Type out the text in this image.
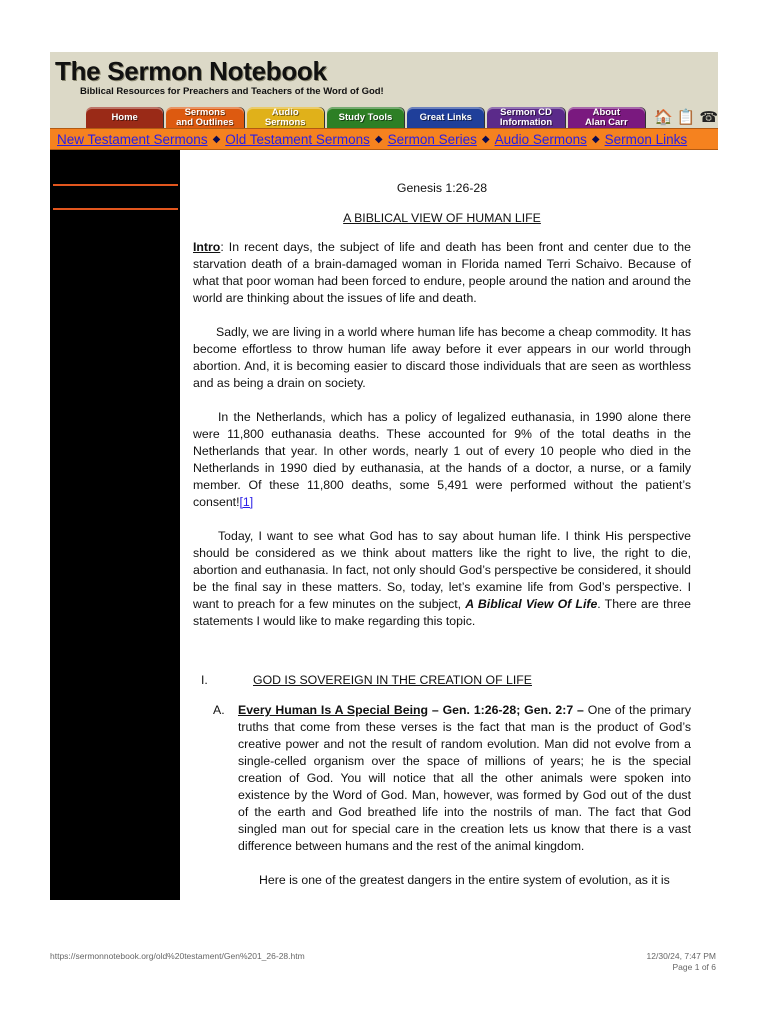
The Sermon Notebook
Biblical Resources for Preachers and Teachers of the Word of God!
Home	Sermons
and Outlines
Audio
Sermons	Study Tools	Great Links	Sermon CD
Information
About
Alan Carr	🏠 📋 ☎
New Testament Sermons ◆ Old Testament Sermons ◆ Sermon Series ◆ Audio Sermons ◆ Sermon Links

Genesis 1:26-28

A BIBLICAL VIEW OF HUMAN LIFE

Intro: In recent days, the subject of life and death has been front and center due to the starvation death of a brain-damaged woman in Florida named Terri Schaivo. Because of what that poor woman had been forced to endure, people around the nation and around the world are thinking about the issues of life and death.

Sadly, we are living in a world where human life has become a cheap commodity. It has become effortless to throw human life away before it ever appears in our world through abortion. And, it is becoming easier to discard those individuals that are seen as worthless and as being a drain on society.

In the Netherlands, which has a policy of legalized euthanasia, in 1990 alone there were 11,800 euthanasia deaths. These accounted for 9% of the total deaths in the Netherlands that year. In other words, nearly 1 out of every 10 people who died in the Netherlands in 1990 died by euthanasia, at the hands of a doctor, a nurse, or a family member. Of these 11,800 deaths, some 5,491 were performed without the patient’s consent![1]

Today, I want to see what God has to say about human life. I think His perspective should be considered as we think about matters like the right to live, the right to die, abortion and euthanasia. In fact, not only should God’s perspective be considered, it should be the final say in these matters. So, today, let’s examine life from God’s perspective. I want to preach for a few minutes on the subject, A Biblical View Of Life. There are three statements I would like to make regarding this topic.

I.	GOD IS SOVEREIGN IN THE CREATION OF LIFE

A. Every Human Is A Special Being – Gen. 1:26-28; Gen. 2:7 – One of the primary truths that come from these verses is the fact that man is the product of God’s creative power and not the result of random evolution. Man did not evolve from a single-celled organism over the space of millions of years; he is the special creation of God. You will notice that all the other animals were spoken into existence by the Word of God. Man, however, was formed by God out of the dust of the earth and God breathed life into the nostrils of man. The fact that God singled man out for special care in the creation lets us know that there is a vast difference between humans and the rest of the animal kingdom.

Here is one of the greatest dangers in the entire system of evolution, as it is

https://sermonnotebook.org/old%20testament/Gen%201_26-28.htm	12/30/24, 7:47 PM
Page 1 of 6
